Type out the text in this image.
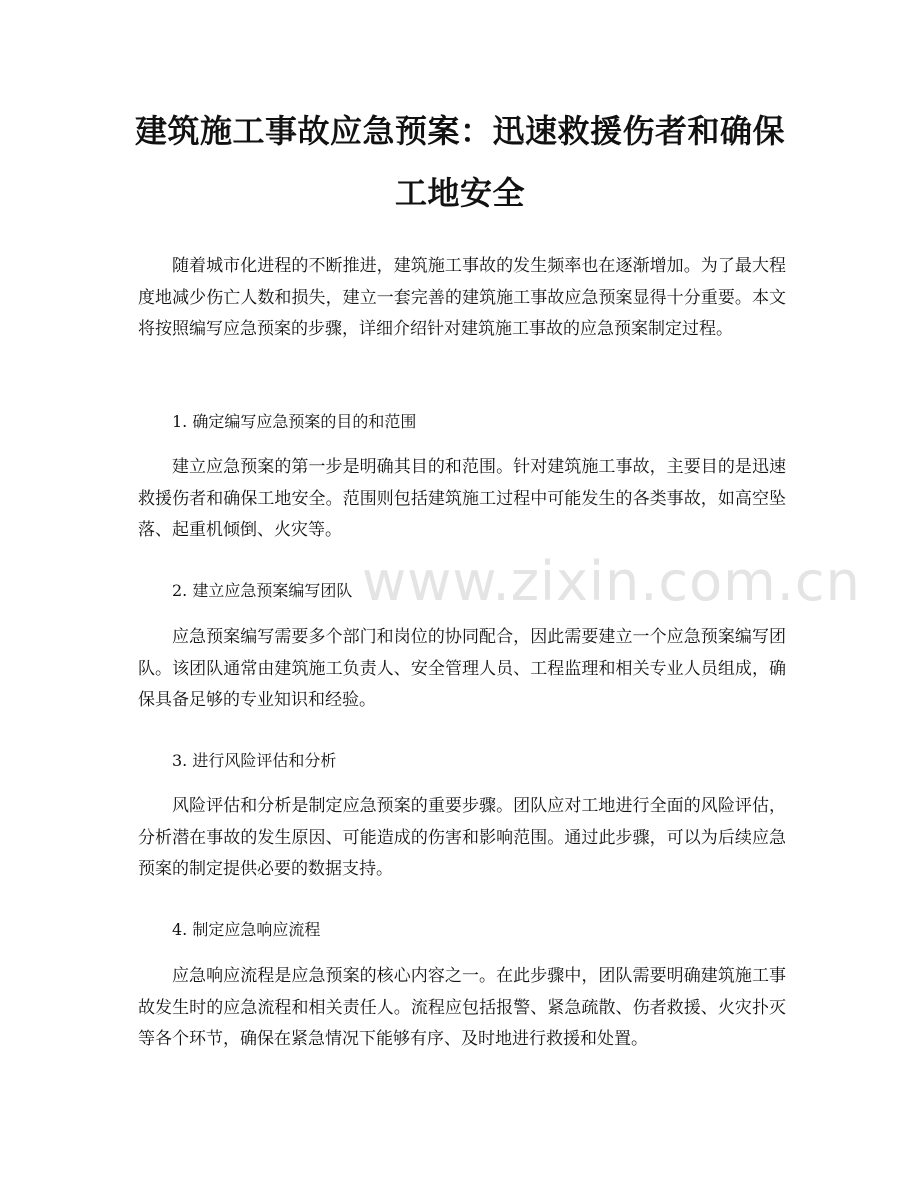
www.zixin.com.cn
建筑施工事故应急预案：迅速救援伤者和确保工地安全

随着城市化进程的不断推进，建筑施工事故的发生频率也在逐渐增加。为了最大程度地减少伤亡人数和损失，建立一套完善的建筑施工事故应急预案显得十分重要。本文将按照编写应急预案的步骤，详细介绍针对建筑施工事故的应急预案制定过程。

1. 确定编写应急预案的目的和范围

建立应急预案的第一步是明确其目的和范围。针对建筑施工事故，主要目的是迅速救援伤者和确保工地安全。范围则包括建筑施工过程中可能发生的各类事故，如高空坠落、起重机倾倒、火灾等。

2. 建立应急预案编写团队

应急预案编写需要多个部门和岗位的协同配合，因此需要建立一个应急预案编写团队。该团队通常由建筑施工负责人、安全管理人员、工程监理和相关专业人员组成，确保具备足够的专业知识和经验。

3. 进行风险评估和分析

风险评估和分析是制定应急预案的重要步骤。团队应对工地进行全面的风险评估，分析潜在事故的发生原因、可能造成的伤害和影响范围。通过此步骤，可以为后续应急预案的制定提供必要的数据支持。

4. 制定应急响应流程

应急响应流程是应急预案的核心内容之一。在此步骤中，团队需要明确建筑施工事故发生时的应急流程和相关责任人。流程应包括报警、紧急疏散、伤者救援、火灾扑灭等各个环节，确保在紧急情况下能够有序、及时地进行救援和处置。
